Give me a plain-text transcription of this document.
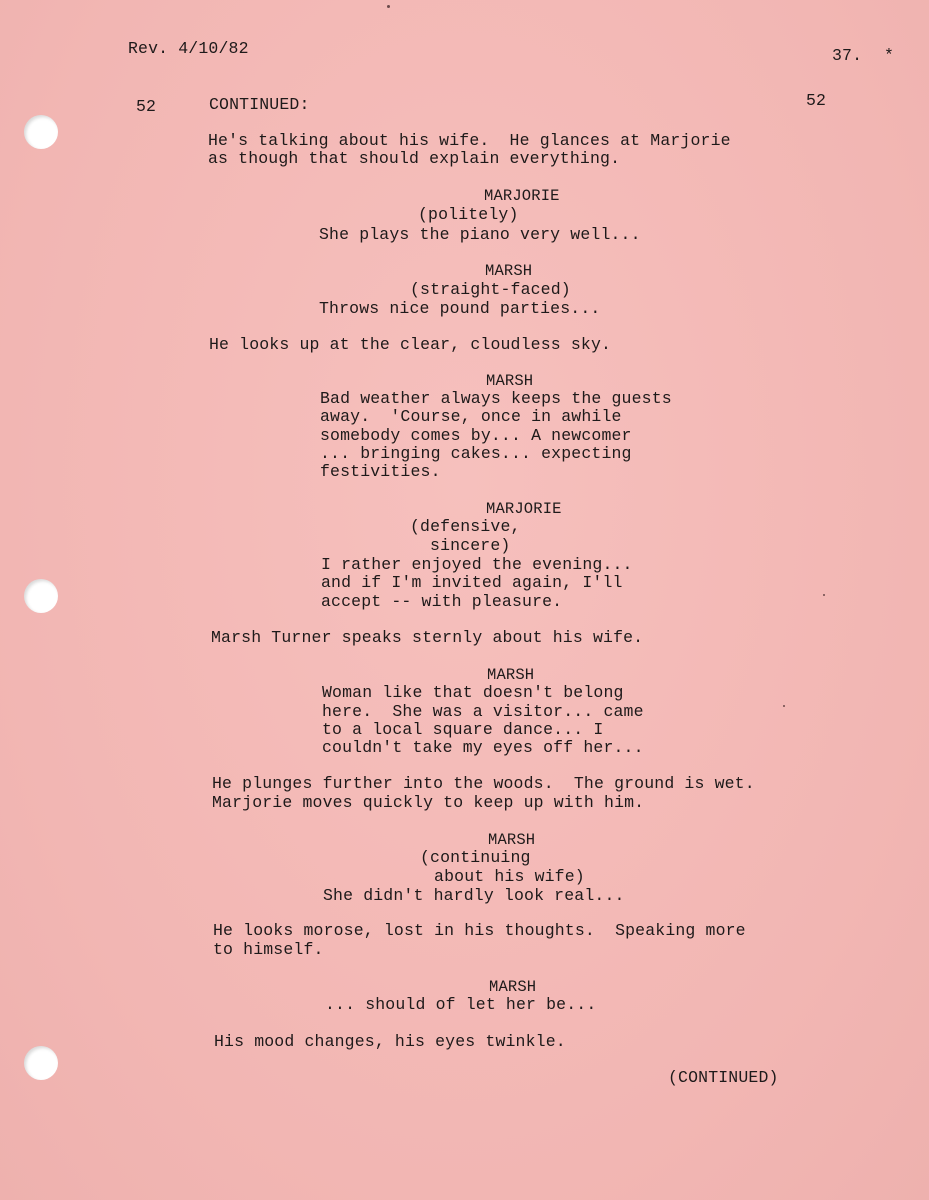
Rev. 4/10/82	37. *

52	CONTINUED:	52

He's talking about his wife.  He glances at Marjorie

as though that should explain everything.

MARJORIE

(politely)

She plays the piano very well...

MARSH

(straight-faced)

Throws nice pound parties...

He looks up at the clear, cloudless sky.

MARSH

Bad weather always keeps the guests

away.  'Course, once in awhile

somebody comes by... A newcomer

... bringing cakes... expecting

festivities.

MARJORIE

(defensive,

sincere)

I rather enjoyed the evening...

and if I'm invited again, I'll

accept -- with pleasure.

Marsh Turner speaks sternly about his wife.

MARSH

Woman like that doesn't belong

here.  She was a visitor... came

to a local square dance... I

couldn't take my eyes off her...

He plunges further into the woods.  The ground is wet.

Marjorie moves quickly to keep up with him.

MARSH

(continuing

about his wife)

She didn't hardly look real...

He looks morose, lost in his thoughts.  Speaking more

to himself.

MARSH

... should of let her be...

His mood changes, his eyes twinkle.

(CONTINUED)
